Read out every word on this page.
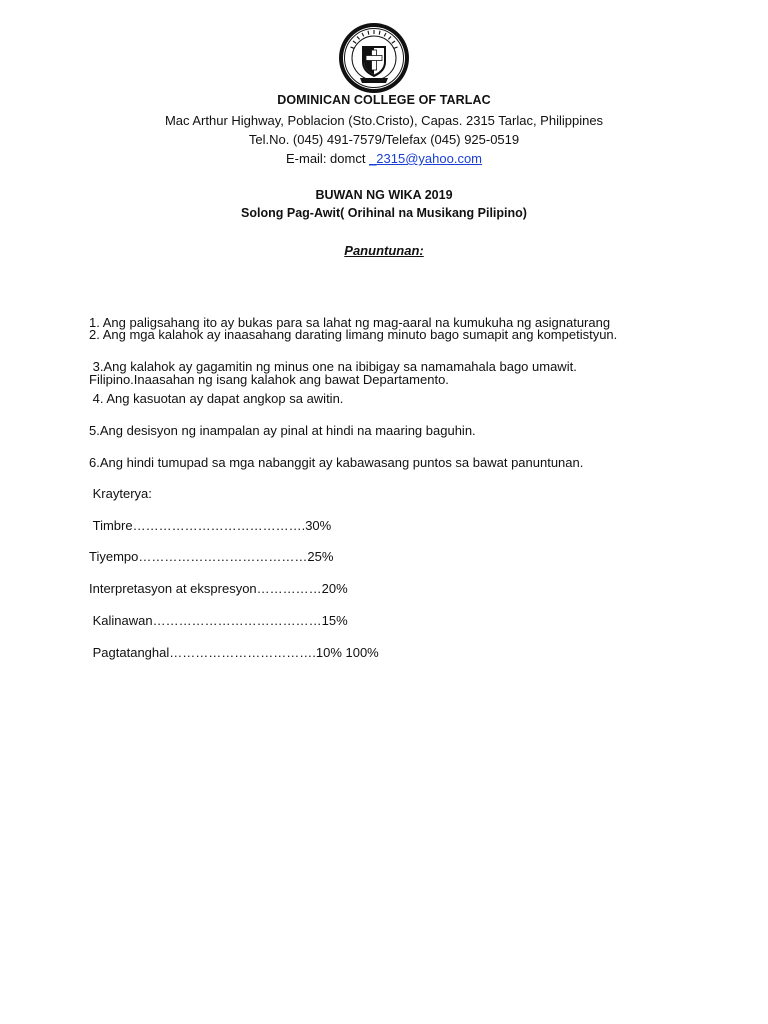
DOMINICAN COLLEGE OF TARLAC
Mac Arthur Highway, Poblacion (Sto.Cristo), Capas. 2315 Tarlac, Philippines
Tel.No. (045) 491-7579/Telefax (045) 925-0519
E-mail: domct _2315@yahoo.com
BUWAN NG WIKA 2019
Solong Pag-Awit( Orihinal na Musikang Pilipino)
Panuntunan:

1. Ang paligsahang ito ay bukas para sa lahat ng mag-aaral na kumukuha ng asignaturang

Filipino.Inaasahan ng isang kalahok ang bawat Departamento.

2. Ang mga kalahok ay inaasahang darating limang minuto bago sumapit ang kompetistyun.
3.Ang kalahok ay gagamitin ng minus one na ibibigay sa namamahala bago umawit.
4. Ang kasuotan ay dapat angkop sa awitin.
5.Ang desisyon ng inampalan ay pinal at hindi na maaring baguhin.
6.Ang hindi tumupad sa mga nabanggit ay kabawasang puntos sa bawat panuntunan.
Krayterya:
Timbre………………………………….30%
Tiyempo…………………………………25%
Interpretasyon at ekspresyon……………20%
Kalinawan…………………………………15%
Pagtatanghal…………………………….10% 100%
